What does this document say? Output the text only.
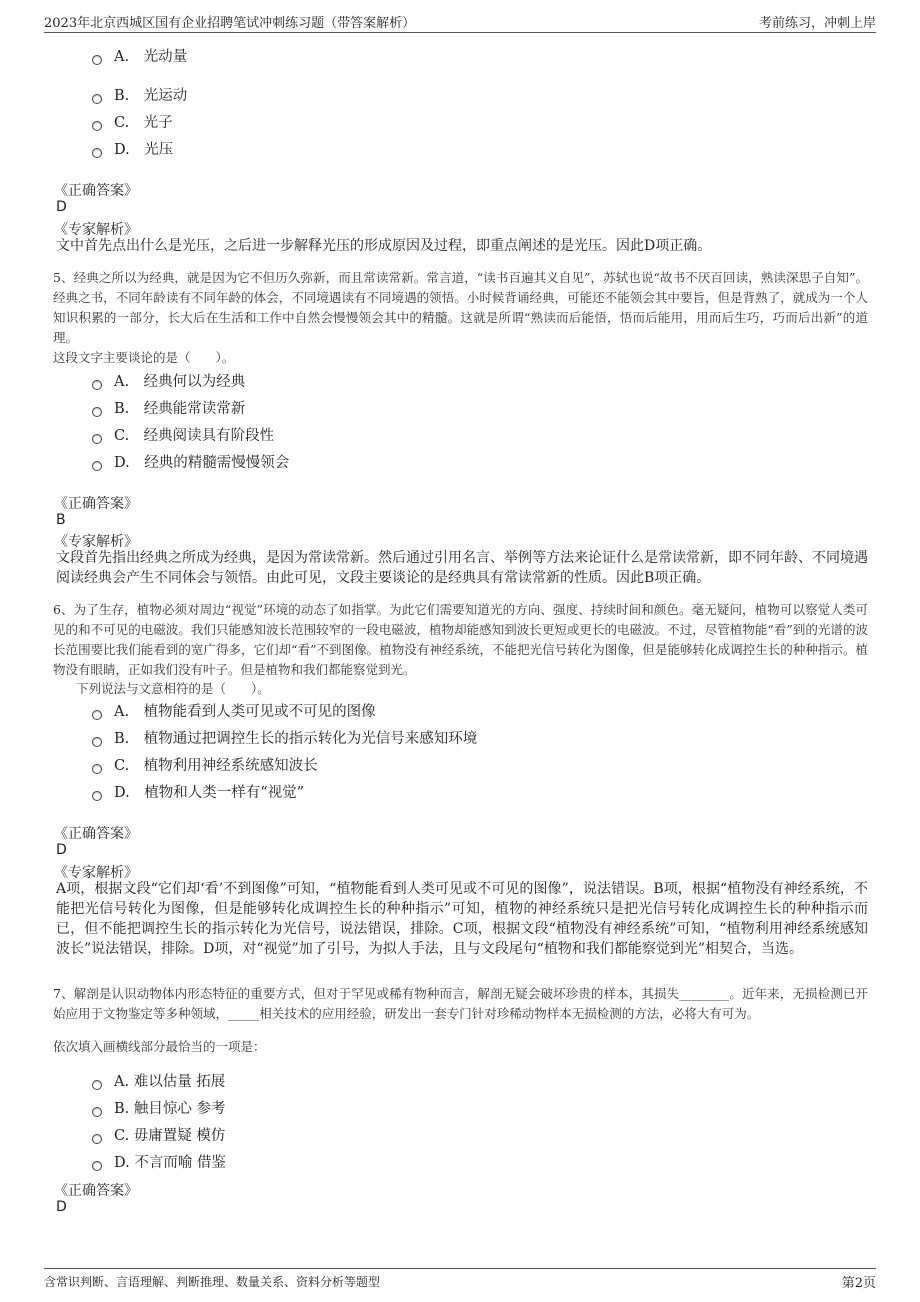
2023年北京西城区国有企业招聘笔试冲刺练习题（带答案解析）	考前练习，冲刺上岸
A.　光动量
B.　光运动
C.　光子
D.　光压
《正确答案》
D
《专家解析》
文中首先点出什么是光压，之后进一步解释光压的形成原因及过程，即重点阐述的是光压。因此D项正确。
5、经典之所以为经典，就是因为它不但历久弥新，而且常读常新。常言道，“读书百遍其义自见”，苏轼也说“故书不厌百回读，熟读深思子自知”。经典之书，不同年龄读有不同年龄的体会，不同境遇读有不同境遇的领悟。小时候背诵经典，可能还不能领会其中要旨，但是背熟了，就成为一个人知识积累的一部分，长大后在生活和工作中自然会慢慢领会其中的精髓。这就是所谓“熟读而后能悟，悟而后能用，用而后生巧，巧而后出新”的道理。
这段文字主要谈论的是（　　）。
A.　经典何以为经典
B.　经典能常读常新
C.　经典阅读具有阶段性
D.　经典的精髓需慢慢领会
《正确答案》
B
《专家解析》
文段首先指出经典之所成为经典，是因为常读常新。然后通过引用名言、举例等方法来论证什么是常读常新，即不同年龄、不同境遇阅读经典会产生不同体会与领悟。由此可见，文段主要谈论的是经典具有常读常新的性质。因此B项正确。
6、为了生存，植物必须对周边“视觉”环境的动态了如指掌。为此它们需要知道光的方向、强度、持续时间和颜色。毫无疑问，植物可以察觉人类可见的和不可见的电磁波。我们只能感知波长范围较窄的一段电磁波，植物却能感知到波长更短或更长的电磁波。不过，尽管植物能“看”到的光谱的波长范围要比我们能看到的宽广得多，它们却“看”不到图像。植物没有神经系统，不能把光信号转化为图像，但是能够转化成调控生长的种种指示。植物没有眼睛，正如我们没有叶子。但是植物和我们都能察觉到光。
下列说法与文意相符的是（　　）。
A.　植物能看到人类可见或不可见的图像
B.　植物通过把调控生长的指示转化为光信号来感知环境
C.　植物利用神经系统感知波长
D.　植物和人类一样有“视觉”
《正确答案》
D
《专家解析》
A项，根据文段“它们却‘看’不到图像”可知，“植物能看到人类可见或不可见的图像”，说法错误。B项，根据“植物没有神经系统，不能把光信号转化为图像，但是能够转化成调控生长的种种指示”可知，植物的神经系统只是把光信号转化成调控生长的种种指示而已，但不能把调控生长的指示转化为光信号，说法错误，排除。C项，根据文段“植物没有神经系统”可知，“植物利用神经系统感知波长”说法错误，排除。D项，对“视觉”加了引号，为拟人手法，且与文段尾句“植物和我们都能察觉到光”相契合，当选。
7、解剖是认识动物体内形态特征的重要方式，但对于罕见或稀有物种而言，解剖无疑会破坏珍贵的样本，其损失________。近年来，无损检测已开始应用于文物鉴定等多种领域，_____相关技术的应用经验，研发出一套专门针对珍稀动物样本无损检测的方法，必将大有可为。
依次填入画横线部分最恰当的一项是：
A. 难以估量 拓展
B. 触目惊心 参考
C. 毋庸置疑 模仿
D. 不言而喻 借鉴
《正确答案》
D
含常识判断、言语理解、判断推理、数量关系、资料分析等题型	第2页
